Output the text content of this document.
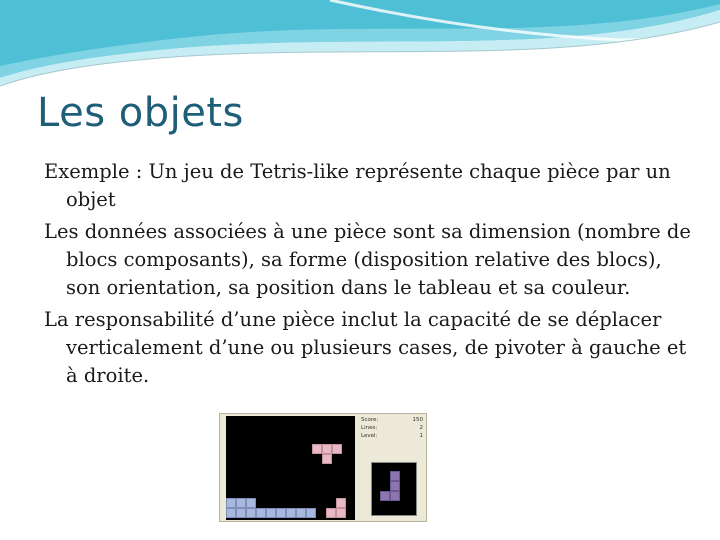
Les objets
Exemple : Un jeu de Tetris-like représente chaque pièce par un objet
Les données associées à une pièce sont sa dimension (nombre de blocs composants), sa forme (disposition relative des blocs), son orientation, sa position dans le tableau et sa couleur.
La responsabilité d’une pièce inclut la capacité de se déplacer verticalement d’une ou plusieurs cases, de pivoter à gauche et à droite.
Score:	150
Lines:	2
Level:	1
